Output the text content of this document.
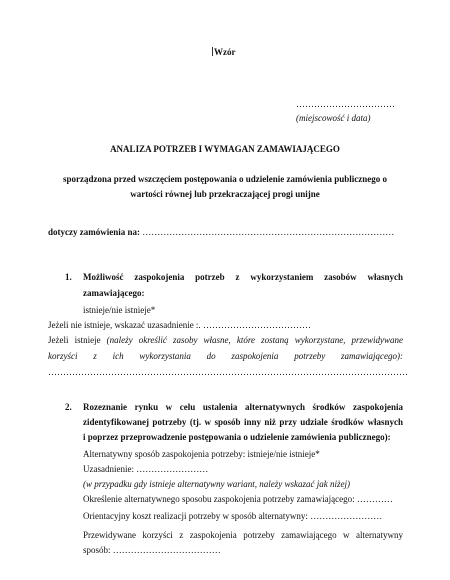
Wzór
……………………………
(miejscowość i data)
ANALIZA POTRZEB I WYMAGAN ZAMAWIAJĄCEGO
sporządzona przed wszczęciem postępowania o udzielenie zamówienia publicznego o
wartości równej lub przekraczającej progi unijne
dotyczy zamówienia na: …………………………………………………………………………
1. Możliwość zaspokojenia potrzeb z wykorzystaniem zasobów własnych
zamawiającego:
istnieje/nie istnieje*
Jeżeli nie istnieje, wskazać uzasadnienie :. ………………………………
Jeżeli istnieje (należy określić zasoby własne, które zostaną wykorzystane, przewidywane
korzyści z ich wykorzystania do zaspokojenia potrzeby zamawiającego):
…………………………………………………………………………………………………………
2. Rozeznanie rynku w celu ustalenia alternatywnych środków zaspokojenia
zidentyfikowanej potrzeby (tj. w sposób inny niż przy udziale środków własnych
i poprzez przeprowadzenie postępowania o udzielenie zamówienia publicznego):
Alternatywny sposób zaspokojenia potrzeby: istnieje/nie istnieje*
Uzasadnienie: ……………………
(w przypadku gdy istnieje alternatywny wariant, należy wskazać jak niżej)
Określenie alternatywnego sposobu zaspokojenia potrzeby zamawiającego: …………
Orientacyjny koszt realizacji potrzeby w sposób alternatywny: ……………………
Przewidywane korzyści z zaspokojenia potrzeby zamawiającego w alternatywny
sposób: ………………………………
